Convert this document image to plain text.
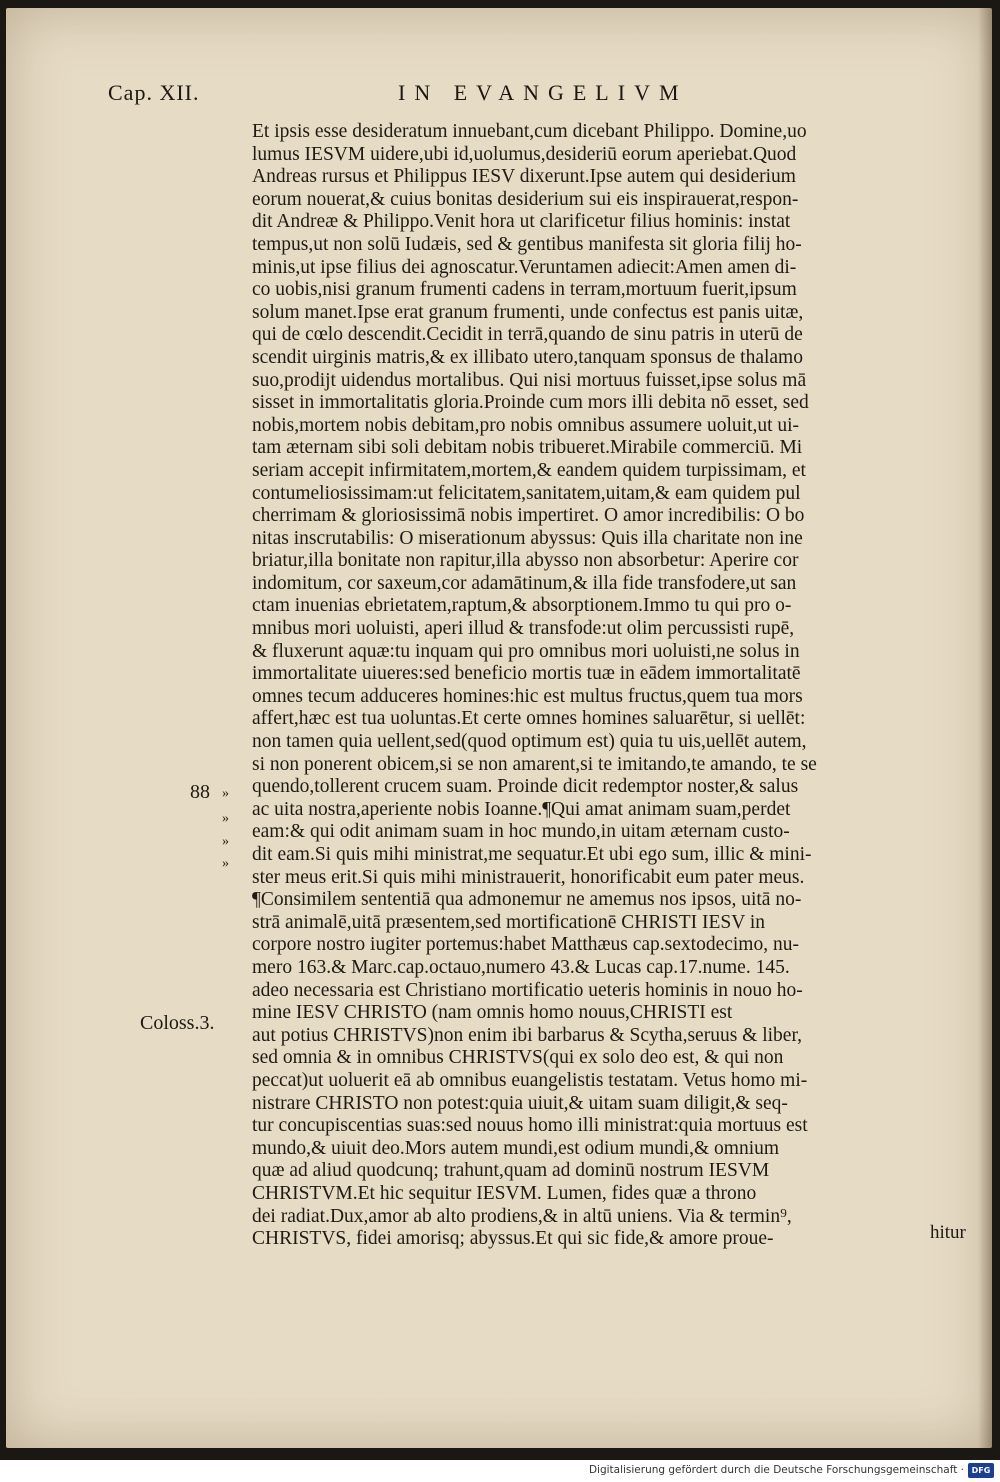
Cap. XII.	IN EVANGELIVM
Et ipsis esse desideratum innuebant,cum dicebant Philippo. Domine,uo
lumus IESVM uidere,ubi id,uolumus,desideriū eorum aperiebat.Quod
Andreas rursus et Philippus IESV dixerunt.Ipse autem qui desiderium
eorum nouerat,& cuius bonitas desiderium sui eis inspirauerat,respon-
dit Andreæ & Philippo.Venit hora ut clarificetur filius hominis: instat
tempus,ut non solū Iudæis, sed & gentibus manifesta sit gloria filij ho-
minis,ut ipse filius dei agnoscatur.Veruntamen adiecit:Amen amen di-
co uobis,nisi granum frumenti cadens in terram,mortuum fuerit,ipsum
solum manet.Ipse erat granum frumenti, unde confectus est panis uitæ,
qui de cœlo descendit.Cecidit in terrā,quando de sinu patris in uterū de
scendit uirginis matris,& ex illibato utero,tanquam sponsus de thalamo
suo,prodijt uidendus mortalibus. Qui nisi mortuus fuisset,ipse solus mā
sisset in immortalitatis gloria.Proinde cum mors illi debita nō esset, sed
nobis,mortem nobis debitam,pro nobis omnibus assumere uoluit,ut ui-
tam æternam sibi soli debitam nobis tribueret.Mirabile commerciū. Mi
seriam accepit infirmitatem,mortem,& eandem quidem turpissimam, et
contumeliosissimam:ut felicitatem,sanitatem,uitam,& eam quidem pul
cherrimam & gloriosissimā nobis impertiret. O amor incredibilis: O bo
nitas inscrutabilis: O miserationum abyssus: Quis illa charitate non ine
briatur,illa bonitate non rapitur,illa abysso non absorbetur: Aperire cor
indomitum, cor saxeum,cor adamātinum,& illa fide transfodere,ut san
ctam inuenias ebrietatem,raptum,& absorptionem.Immo tu qui pro o-
mnibus mori uoluisti, aperi illud & transfode:ut olim percussisti rupē,
& fluxerunt aquæ:tu inquam qui pro omnibus mori uoluisti,ne solus in
immortalitate uiueres:sed beneficio mortis tuæ in eādem immortalitatē
omnes tecum adduceres homines:hic est multus fructus,quem tua mors
affert,hæc est tua uoluntas.Et certe omnes homines saluarētur, si uellēt:
non tamen quia uellent,sed(quod optimum est) quia tu uis,uellēt autem,
si non ponerent obicem,si se non amarent,si te imitando,te amando, te se
quendo,tollerent crucem suam. Proinde dicit redemptor noster,& salus
ac uita nostra,aperiente nobis Ioanne.¶Qui amat animam suam,perdet
eam:& qui odit animam suam in hoc mundo,in uitam æternam custo-
dit eam.Si quis mihi ministrat,me sequatur.Et ubi ego sum, illic & mini-
ster meus erit.Si quis mihi ministrauerit, honorificabit eum pater meus.
¶Consimilem sententiā qua admonemur ne amemus nos ipsos, uitā no-
strā animalē,uitā præsentem,sed mortificationē CHRISTI IESV in
corpore nostro iugiter portemus:habet Matthæus cap.sextodecimo, nu-
mero 163.& Marc.cap.octauo,numero 43.& Lucas cap.17.nume. 145.
adeo necessaria est Christiano mortificatio ueteris hominis in nouo ho-
mine IESV CHRISTO (nam omnis homo nouus,CHRISTI est
aut potius CHRISTVS)non enim ibi barbarus & Scytha,seruus & liber,
sed omnia & in omnibus CHRISTVS(qui ex solo deo est, & qui non
peccat)ut uoluerit eā ab omnibus euangelistis testatam. Vetus homo mi-
nistrare CHRISTO non potest:quia uiuit,& uitam suam diligit,& seq-
tur concupiscentias suas:sed nouus homo illi ministrat:quia mortuus est
mundo,& uiuit deo.Mors autem mundi,est odium mundi,& omnium
quæ ad aliud quodcunq; trahunt,quam ad dominū nostrum IESVM
CHRISTVM.Et hic sequitur IESVM. Lumen, fides quæ a throno
dei radiat.Dux,amor ab alto prodiens,& in altū uniens. Via & termin⁹,
CHRISTVS, fidei amorisq; abyssus.Et qui sic fide,& amore proue-
88 »
»
»
»
Coloss.3.
hitur
Digitalisierung gefördert durch die Deutsche Forschungsgemeinschaft · DFG
